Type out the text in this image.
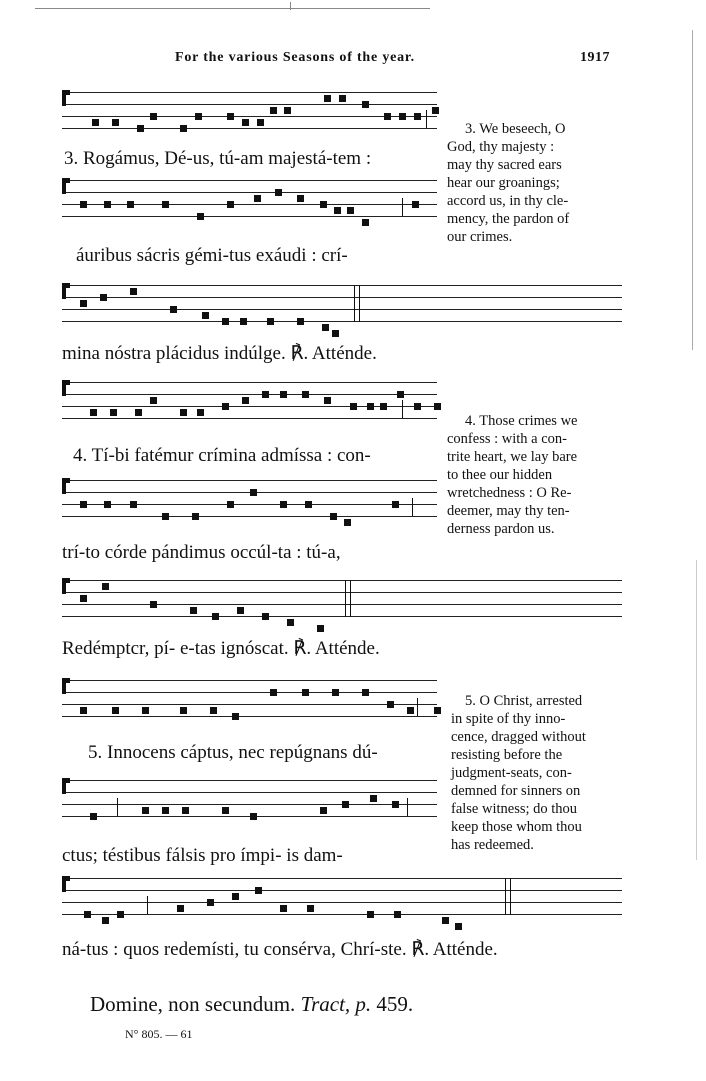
For the various Seasons of the year.	1917
3. Rogámus, Dé-us, tú-am majestá-tem :
áuribus sácris gémi-tus exáudi : crí-
mina nóstra plácidus indúlge. ℟. Atténde.
4. Tí-bi fatémur crímina admíssa : con-
trí-to córde pándimus occúl-ta : tú-a,
Redémptcr, pí- e-tas ignóscat. ℟. Atténde.
5. Innocens cáptus, nec repúgnans dú-
ctus; téstibus fálsis pro ímpi- is dam-
ná-tus : quos redemísti, tu consérva, Chrí-ste. ℟. Atténde.
3. We beseech, O
God, thy majesty :
may thy sacred ears
hear our groanings;
accord us, in thy cle-
mency, the pardon of
our crimes.
4. Those crimes we
confess : with a con-
trite heart, we lay bare
to thee our hidden
wretchedness : O Re-
deemer, may thy ten-
derness pardon us.
5. O Christ, arrested
in spite of thy inno-
cence, dragged without
resisting before the
judgment-seats, con-
demned for sinners on
false witness; do thou
keep those whom thou
has redeemed.
Domine, non secundum. Tract, p. 459.
N° 805. — 61
